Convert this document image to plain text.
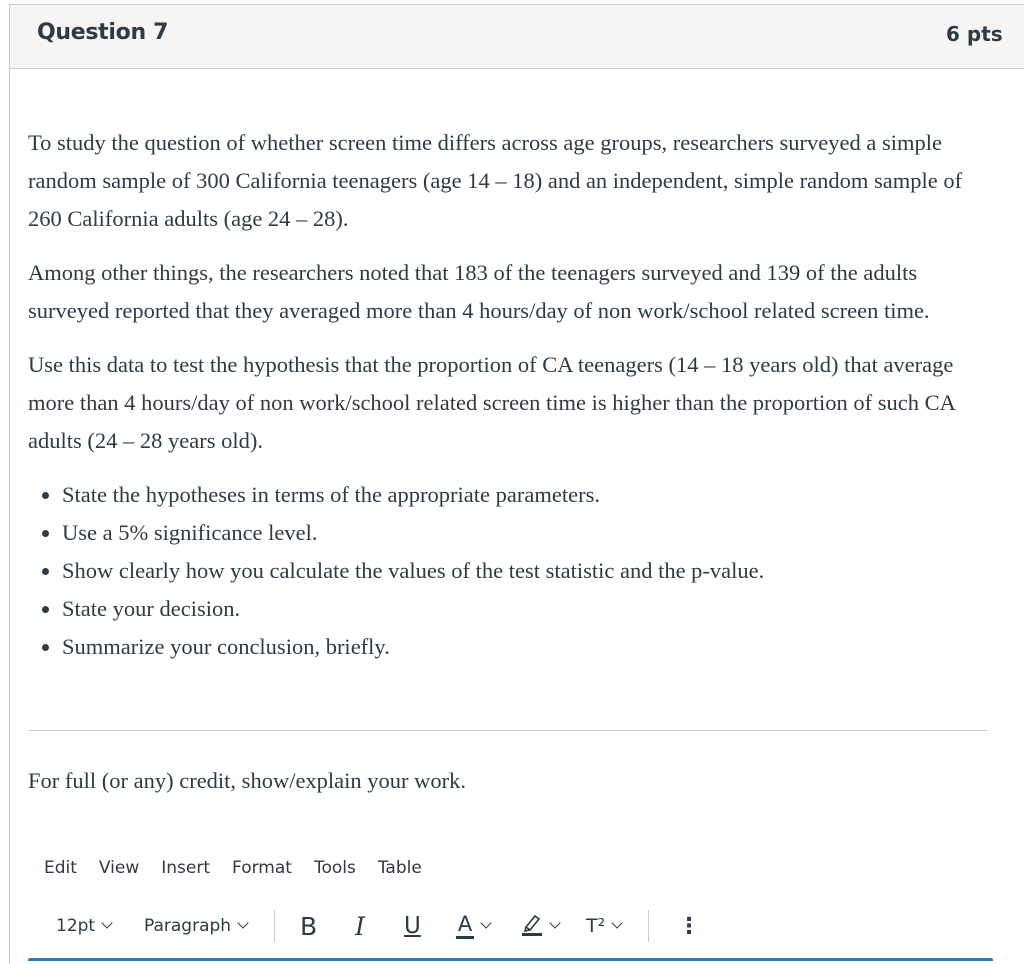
Question 7	6 pts

To study the question of whether screen time differs across age groups, researchers surveyed a simple random sample of 300 California teenagers (age 14 – 18) and an independent, simple random sample of 260 California adults (age 24 – 28).

Among other things, the researchers noted that 183 of the teenagers surveyed and 139 of the adults surveyed reported that they averaged more than 4 hours/day of non work/school related screen time.

Use this data to test the hypothesis that the proportion of CA teenagers (14 – 18 years old) that average more than 4 hours/day of non work/school related screen time is higher than the proportion of such CA adults (24 – 28 years old).

• State the hypotheses in terms of the appropriate parameters.
• Use a 5% significance level.
• Show clearly how you calculate the values of the test statistic and the p-value.
• State your decision.
• Summarize your conclusion, briefly.
For full (or any) credit, show/explain your work.
Edit View Insert Format Tools Table
12pt	Paragraph	B I U A	T²	⋮
